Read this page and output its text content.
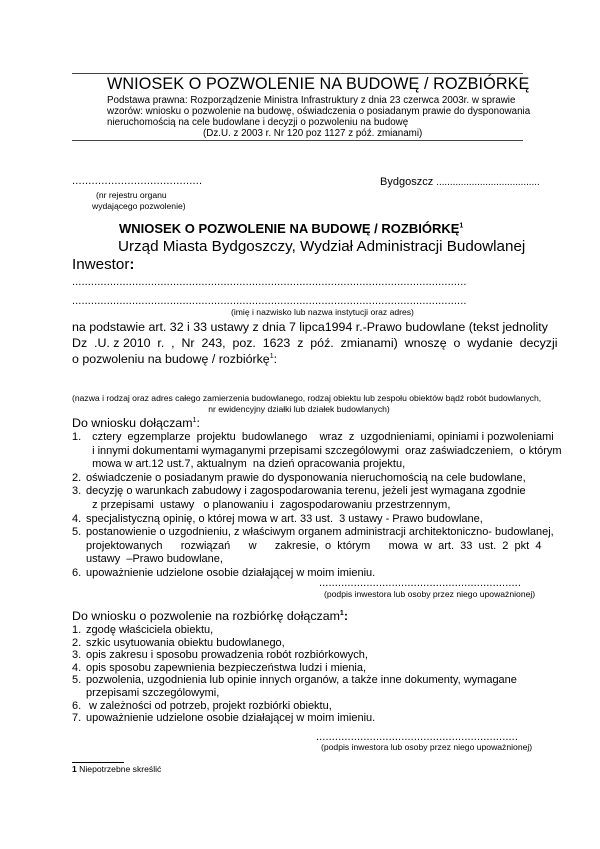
WNIOSEK O POZWOLENIE NA BUDOWĘ / ROZBIÓRKĘ
Podstawa prawna: Rozporządzenie Ministra Infrastruktury z dnia 23 czerwca 2003r. w sprawie
wzorów: wniosku o pozwolenie na budowę, oświadczenia o posiadanym prawie do dysponowania
nieruchomością na cele budowlane i decyzji o pozwoleniu na budowę
(Dz.U. z 2003 r. Nr 120 poz 1127 z póź. zmianami)
........................................
(nr rejestru organu
wydającego pozwolenie)
Bydgoszcz ......................................
WNIOSEK O POZWOLENIE NA BUDOWĘ / ROZBIÓRKĘ$^1$
Urząd Miasta Bydgoszczy, Wydział Administracji Budowlanej
Inwestor:
.............................................................................................................................
.............................................................................................................................
(imię i nazwisko lub nazwa instytucji oraz adres)
na podstawie art. 32 i 33 ustawy z dnia 7 lipca1994 r.-Prawo budowlane (tekst jednolity
Dz  .U. z 2010  r.  ,  Nr  243,  poz.  1623  z  póź.  zmianami)  wnoszę  o  wydanie  decyzji
o pozwoleniu na budowę / rozbiórkę$^1$:
(nazwa i rodzaj oraz adres całego zamierzenia budowlanego, rodzaj obiektu lub zespołu obiektów bądź robót budowlanych,
nr ewidencyjny działki lub działek budowlanych)
Do wniosku dołączam$^1$:
1. cztery  egzemplarze  projektu  budowlanego    wraz  z  uzgodnieniami, opiniami i pozwoleniami
i innymi dokumentami wymaganymi przepisami szczególowymi  oraz zaświadczeniem,  o którym
mowa w art.12 ust.7, aktualnym  na dzień opracowania projektu,
2. oświadczenie o posiadanym prawie do dysponowania nieruchomością na cele budowlane,
3. decyzję o warunkach zabudowy i zagospodarowania terenu, jeżeli jest wymagana zgodnie
z przepisami  ustawy   o planowaniu i  zagospodarowaniu przestrzennym,
4. specjalistyczną opinię, o której mowa w art. 33 ust.  3 ustawy - Prawo budowlane,
5. postanowienie o uzgodnieniu, z właściwym organem administracji architektoniczno- budowlanej,
projektowanych      rozwiązań      w      zakresie,  o  którym      mowa  w  art.  33  ust.  2  pkt  4
ustawy  –Prawo budowlane,
6. upoważnienie udzielone osobie działającej w moim imieniu.
................................................................
(podpis inwestora lub osoby przez niego upoważnionej)
Do wniosku o pozwolenie na rozbiórkę dołączam$^1$:
1. zgodę właściciela obiektu,
2. szkic usytuowania obiektu budowlanego,
3. opis zakresu i sposobu prowadzenia robót rozbiórkowych,
4. opis sposobu zapewnienia bezpieczeństwa ludzi i mienia,
5. pozwolenia, uzgodnienia lub opinie innych organów, a także inne dokumenty, wymagane
przepisami szczególowymi,
6. w zależności od potrzeb, projekt rozbiórki obiektu,
7. upoważnienie udzielone osobie działającej w moim imieniu.
................................................................
(podpis inwestora lub osoby przez niego upoważnionej)
1 Niepotrzebne skreślić
